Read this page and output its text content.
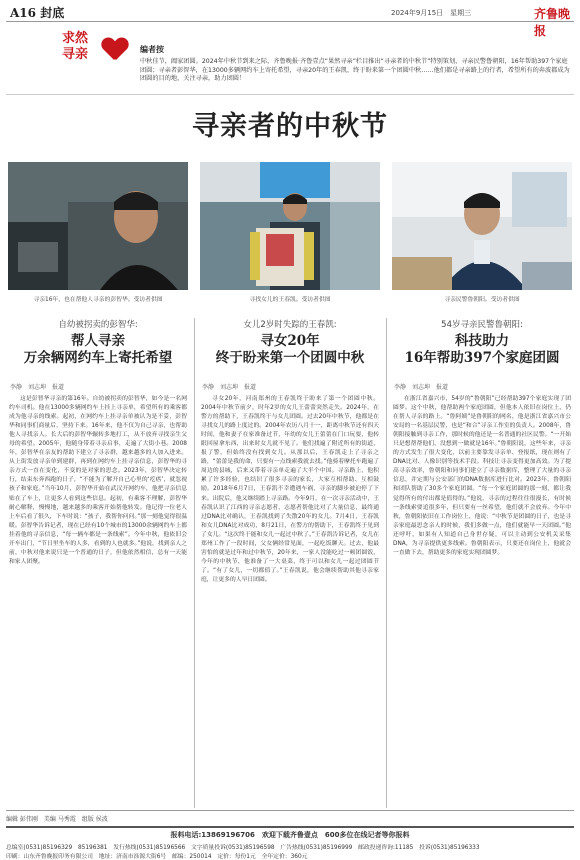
A16 封底	2024年9月15日　星期三	齐鲁晚报
求然
寻亲	编者按
中秋佳节，阖家团圆。2024年中秋节到来之际，齐鲁晚报·齐鲁壹点“果然寻亲”栏目推出“寻亲者的中秋节”特别策划，寻亲民警鲁朝阳，16年帮助397个家庭团圆；寻亲者彭智华，在13000多辆网约车上寄托希望，寻亲20年的王春凯，终于盼来第一个团圆中秋……他们都是寻亲路上的行者，希望所有的奔波都成为团圆的目的地，关注寻亲，助力团圆！
寻亲者的中秋节
寻亲16年，也在帮他人寻亲的彭智华。受访者供图	寻找女儿的王春凯。受访者供图	寻亲民警鲁朝阳。受访者供图
自幼被拐卖的彭智华:
帮人寻亲
万余辆网约车上寄托希望
女儿2岁时失踪的王春凯:
寻女20年
终于盼来第一个团圆中秋
54岁寻亲民警鲁朝阳:
科技助力
16年帮助397个家庭团圆
李静　刘志坤　报道	李静　刘志坤　报道	李静　刘志坤　报道
这是彭智华寻亲的第16年。自幼被拐卖的彭智华，如今是一名网约车司机。他在13000多辆网约车上挂上寻亲单，希望所有的乘客都成为他寻亲的线索。起初，在网约车上挂寻亲单被认为是不妥，彭智华和同事们商量后，坚持下来。16年来，他不仅为自己寻亲，也帮助他人寻找亲人。长大后的彭智华辗转多地打工，从不放弃寻找亲生父母的希望。2005年，他随身带着寻亲启事，走遍了大街小巷。2008年，彭智华在亲友的帮助下建立了寻亲群，越来越多的人加入进来。从上街发放寻亲单到建群，再到在网约车上挂寻亲信息，彭智华的寻亲方式一直在变化，不变的是对家的思念。2023年，彭智华决定转行，结束东奔西跑的日子，“不能为了解开自己心里的‘疙瘩’，就忽视孩子和家庭。”当年10月，彭智华开始在武汉开网约车，他把寻亲信息贴在了车上，让更多人看到这些信息。起初，有乘客不理解，彭智华耐心解释，慢慢地，越来越多的乘客开始帮他转发。他记得一位老人上车后看了很久，下车时说：“孩子，我帮你问问。”那一刻他觉得很温暖。彭智华告诉记者，现在已经有10个城市的13000余辆网约车上都挂着他的寻亲信息，“每一辆车都是一条线索”。今年中秋，他依旧会开车出门，“节日里坐车的人多，看到的人也就多。”他说，找到亲人之前，中秋对他来说只是一个普通的日子，但他依然相信，总有一天能和家人团聚。
寻女20年，河南郑州的王春凯终于盼来了第一个团圆中秋。2004年中秋节前夕，时年2岁的女儿王蕾蕾突然走失。2024年，在警方的帮助下，王春凯终于与女儿团圆。过去20年中秋节，他都是在寻找女儿的路上度过的。2004年农历八月十一，距离中秋节还有四天时间，他和妻子在家准备过节，年幼的女儿王蕾蕾在门口玩耍，他转眼回屋拿东西，出来时女儿就不见了。他们找遍了附近所有的街道，报了警，但始终没有找到女儿。从那以后，王春凯走上了寻亲之路，“蕾蕾是我的命，只要有一点线索我就去找。”他骑着摩托车跑遍了周边的县城，后来又带着寻亲单走遍了大半个中国。寻亲路上，他积累了许多经验，也结识了很多寻亲的家长，大家互相帮助、互相鼓励。2018年6月7日，王春凯不幸遭遇车祸，寻亲的脚步被迫停了下来。出院后，他又继续踏上寻亲路。今年9月，在一次寻亲活动中，王春凯认识了江西的寻亲志愿者，志愿者帮他比对了大量信息，最终通过DNA比对确认，王春凯找到了失散20年的女儿。7月4日，王春凯和女儿DNA比对成功，8月21日，在警方的帮助下，王春凯终于见到了女儿。“这次终于能和女儿一起过中秋了。”王春凯告诉记者，女儿在郑州工作了一段时间，父女俩经常见面，一起吃饭聊天。过去，他最害怕的就是过年和过中秋节，20年来，一家人没能吃过一顿团圆饭，今年的中秋节，他准备了一大桌菜，终于可以和女儿一起过团圆节了。“有了女儿，一切都值了。”王春凯说，他会继续帮助其他寻亲家庭，让更多的人早日团圆。
在浙江省嘉兴市，54岁的“鲁朝阳”已经帮助397个家庭实现了团圆梦。这个中秋，他帮助两个家庭团圆，但他本人依旧在岗位上，仍在帮人寻亲的路上。“鲁阿姨”是鲁朝阳的网名，他是浙江省嘉兴市公安局的一名基层民警，也是“和合”寻亲工作室的负责人。2008年，鲁朝阳接触到寻亲工作，那时候的他还是一名普通的社区民警。“一开始只是想帮帮他们，没想到一做就是16年。”鲁朝阳说，这些年来，寻亲的方式发生了很大变化，以前主要靠发寻亲单、登报纸，现在则有了DNA比对、人像识别等技术手段。科技让寻亲变得更加高效。为了提高寻亲效率，鲁朝阳和同事们建立了寻亲数据库，整理了大量的寻亲信息，并定期与公安部门的DNA数据库进行比对。2023年，鲁朝阳和团队帮助了30多个家庭团圆。“每一个家庭团圆的那一刻，都让我觉得所有的付出都是值得的。”他说，寻亲的过程往往很漫长，有时候一条线索要追很多年，但只要有一丝希望，他们就不会放弃。今年中秋，鲁朝阳依旧在工作岗位上，他说：“中秋节是团圆的日子，也是寻亲家庭最思念亲人的时候，我们多做一点，他们就能早一天团圆。”他还呼吁，如果有人知道自己身世存疑，可以主动到公安机关采集DNA，为寻亲提供更多线索。鲁朝阳表示，只要还在岗位上，他就会一直做下去，帮助更多的家庭实现团圆梦。
编辑 彭伟刚　美编 马秀霞　组版 侯波
报料电话:13869196706　欢迎下载齐鲁壹点　600多位在线记者等你报料
总编室(0531)85196329　85196381　发行热线(0531)85196566　文字质量投诉(0531)85196598　广告热线(0531)85196999　邮政投递咨询:11185　投诉(0531)85196333
印刷：山东齐鲁晚报印务有限公司　地址：济南市泺源大街6号　邮编：250014　定价：每份1元　全年定价：360元
